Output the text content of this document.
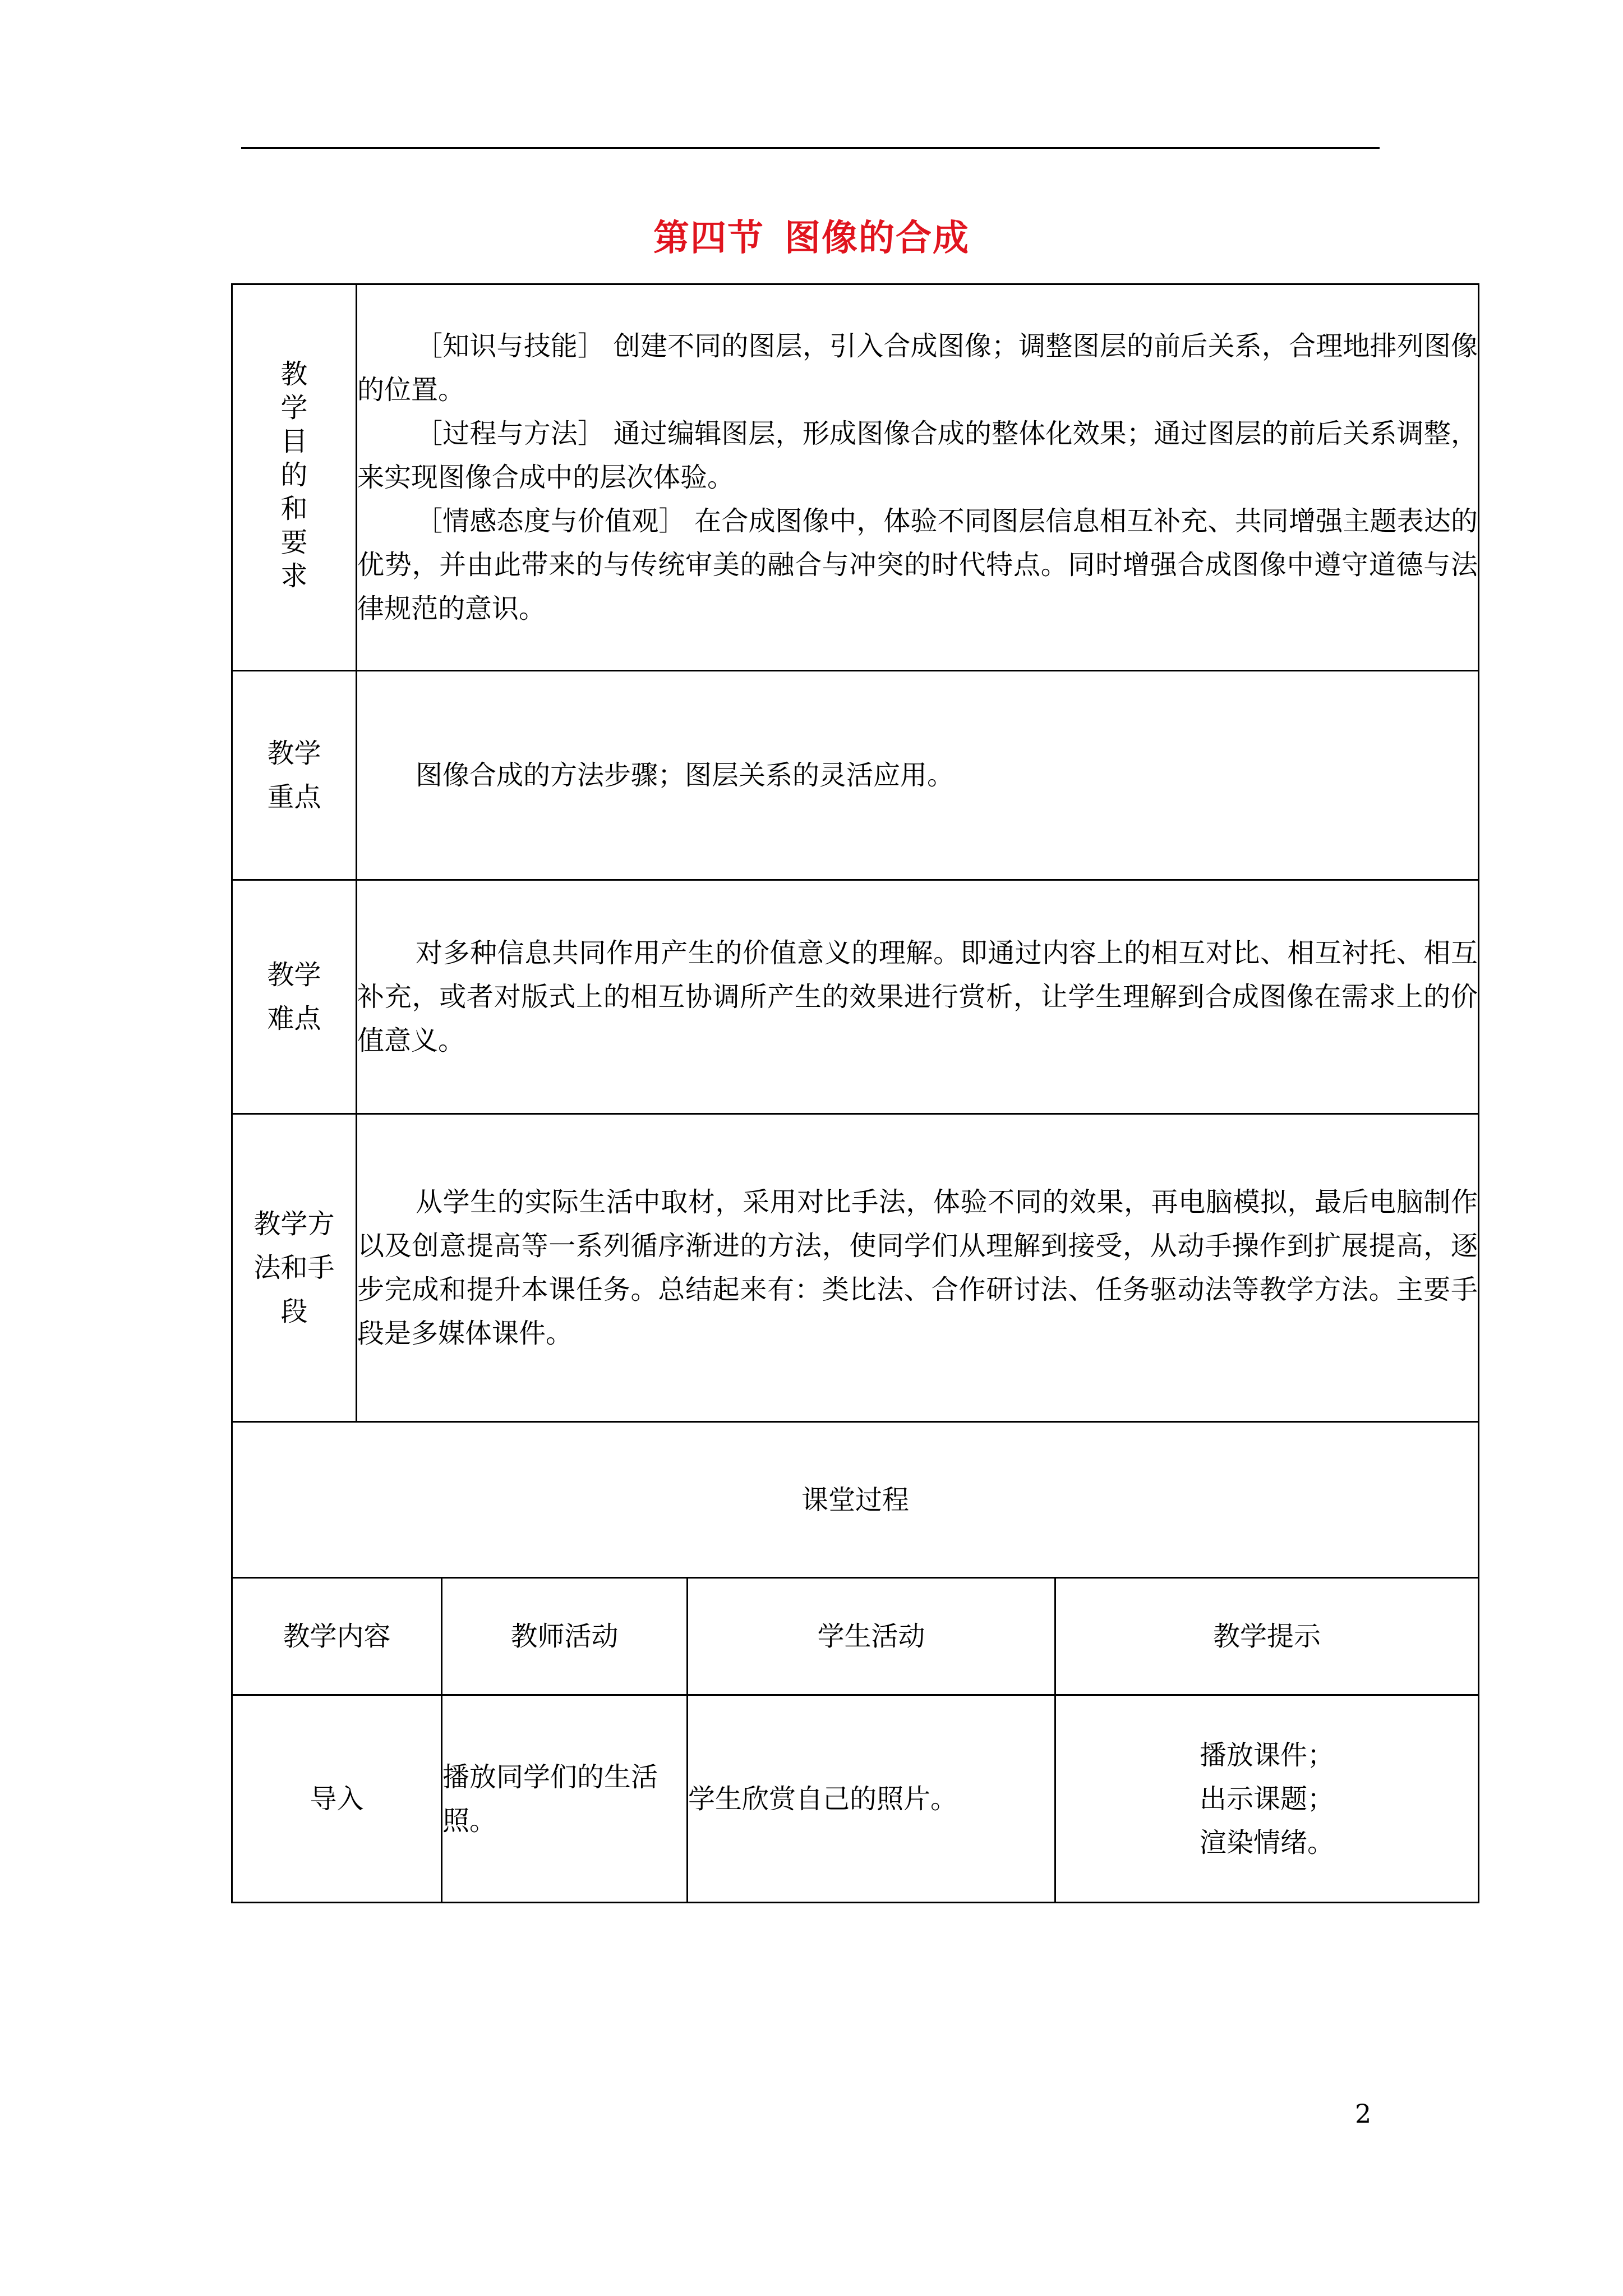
第四节 图像的合成
教学目的和要求	［知识与技能］ 创建不同的图层，引入合成图像；调整图层的前后关系，合理地排列图像的位置。

［过程与方法］ 通过编辑图层，形成图像合成的整体化效果；通过图层的前后关系调整，来实现图像合成中的层次体验。

［情感态度与价值观］ 在合成图像中，体验不同图层信息相互补充、共同增强主题表达的优势，并由此带来的与传统审美的融合与冲突的时代特点。同时增强合成图像中遵守道德与法律规范的意识。			

教学重点	图像合成的方法步骤；图层关系的灵活应用。			

教学难点	对多种信息共同作用产生的价值意义的理解。即通过内容上的相互对比、相互衬托、相互补充，或者对版式上的相互协调所产生的效果进行赏析，让学生理解到合成图像在需求上的价值意义。			

教学方法和手段	从学生的实际生活中取材，采用对比手法，体验不同的效果，再电脑模拟，最后电脑制作以及创意提高等一系列循序渐进的方法，使同学们从理解到接受，从动手操作到扩展提高，逐步完成和提升本课任务。总结起来有：类比法、合作研讨法、任务驱动法等教学方法。主要手段是多媒体课件。			

课堂过程				
教学内容		教师活动	学生活动	教学提示
导入		播放同学们的生活照。	学生欣赏自己的照片。	播放课件；
出示课题；
渲染情绪。
2
